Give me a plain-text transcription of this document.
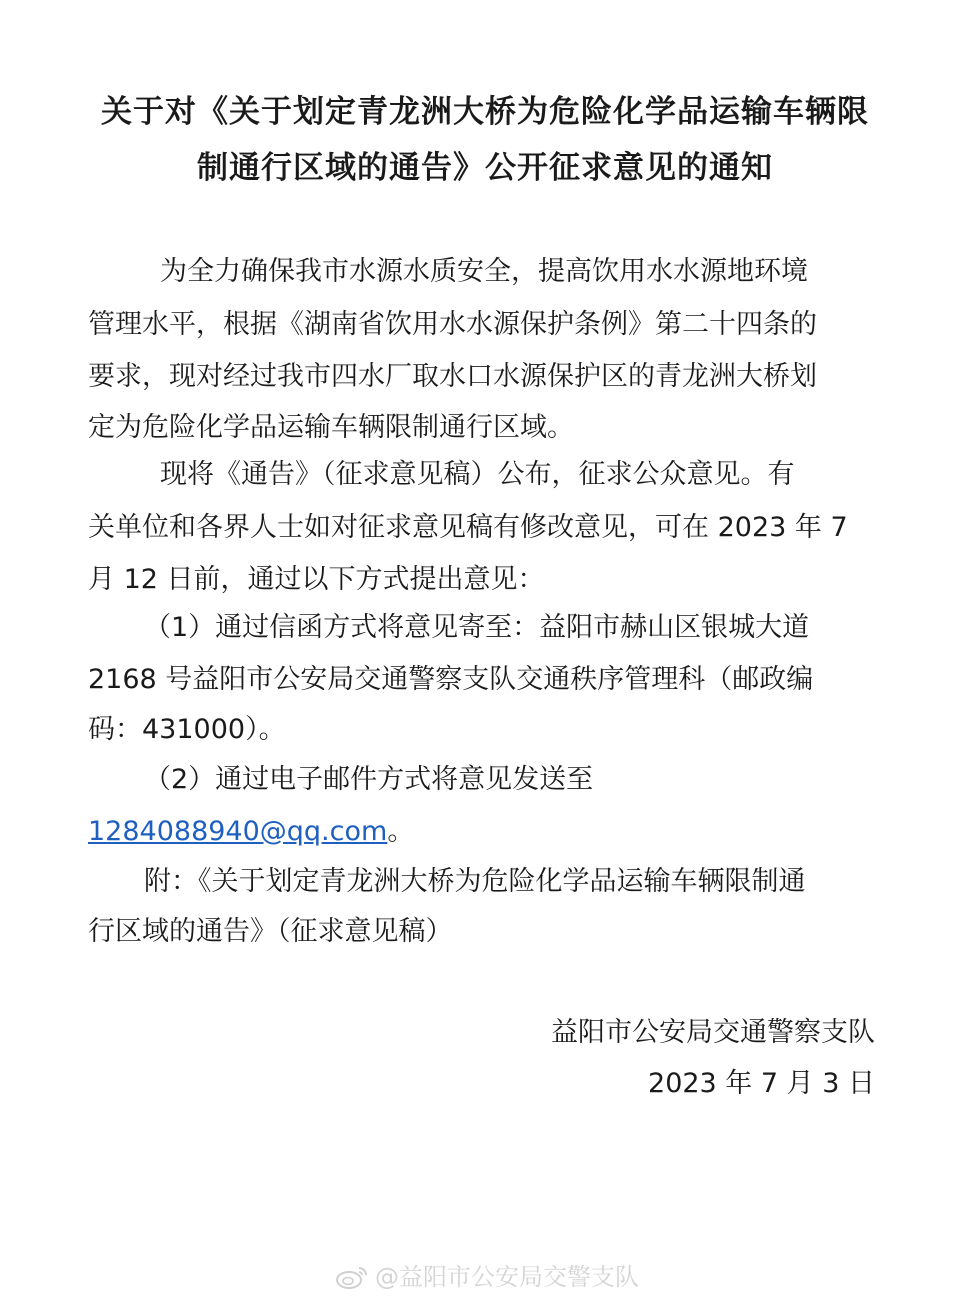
关于对《关于划定青龙洲大桥为危险化学品运输车辆限
制通行区域的通告》公开征求意见的通知
为全力确保我市水源水质安全，提高饮用水水源地环境
管理水平，根据《湖南省饮用水水源保护条例》第二十四条的
要求，现对经过我市四水厂取水口水源保护区的青龙洲大桥划
定为危险化学品运输车辆限制通行区域。
现将《通告》（征求意见稿）公布，征求公众意见。有
关单位和各界人士如对征求意见稿有修改意见，可在 2023 年 7
月 12 日前，通过以下方式提出意见：
（1）通过信函方式将意见寄至：益阳市赫山区银城大道
2168 号益阳市公安局交通警察支队交通秩序管理科（邮政编
码：431000）。
（2）通过电子邮件方式将意见发送至
1284088940@qq.com。
附：《关于划定青龙洲大桥为危险化学品运输车辆限制通
行区域的通告》（征求意见稿）
益阳市公安局交通警察支队
2023 年 7 月 3 日
@益阳市公安局交警支队
